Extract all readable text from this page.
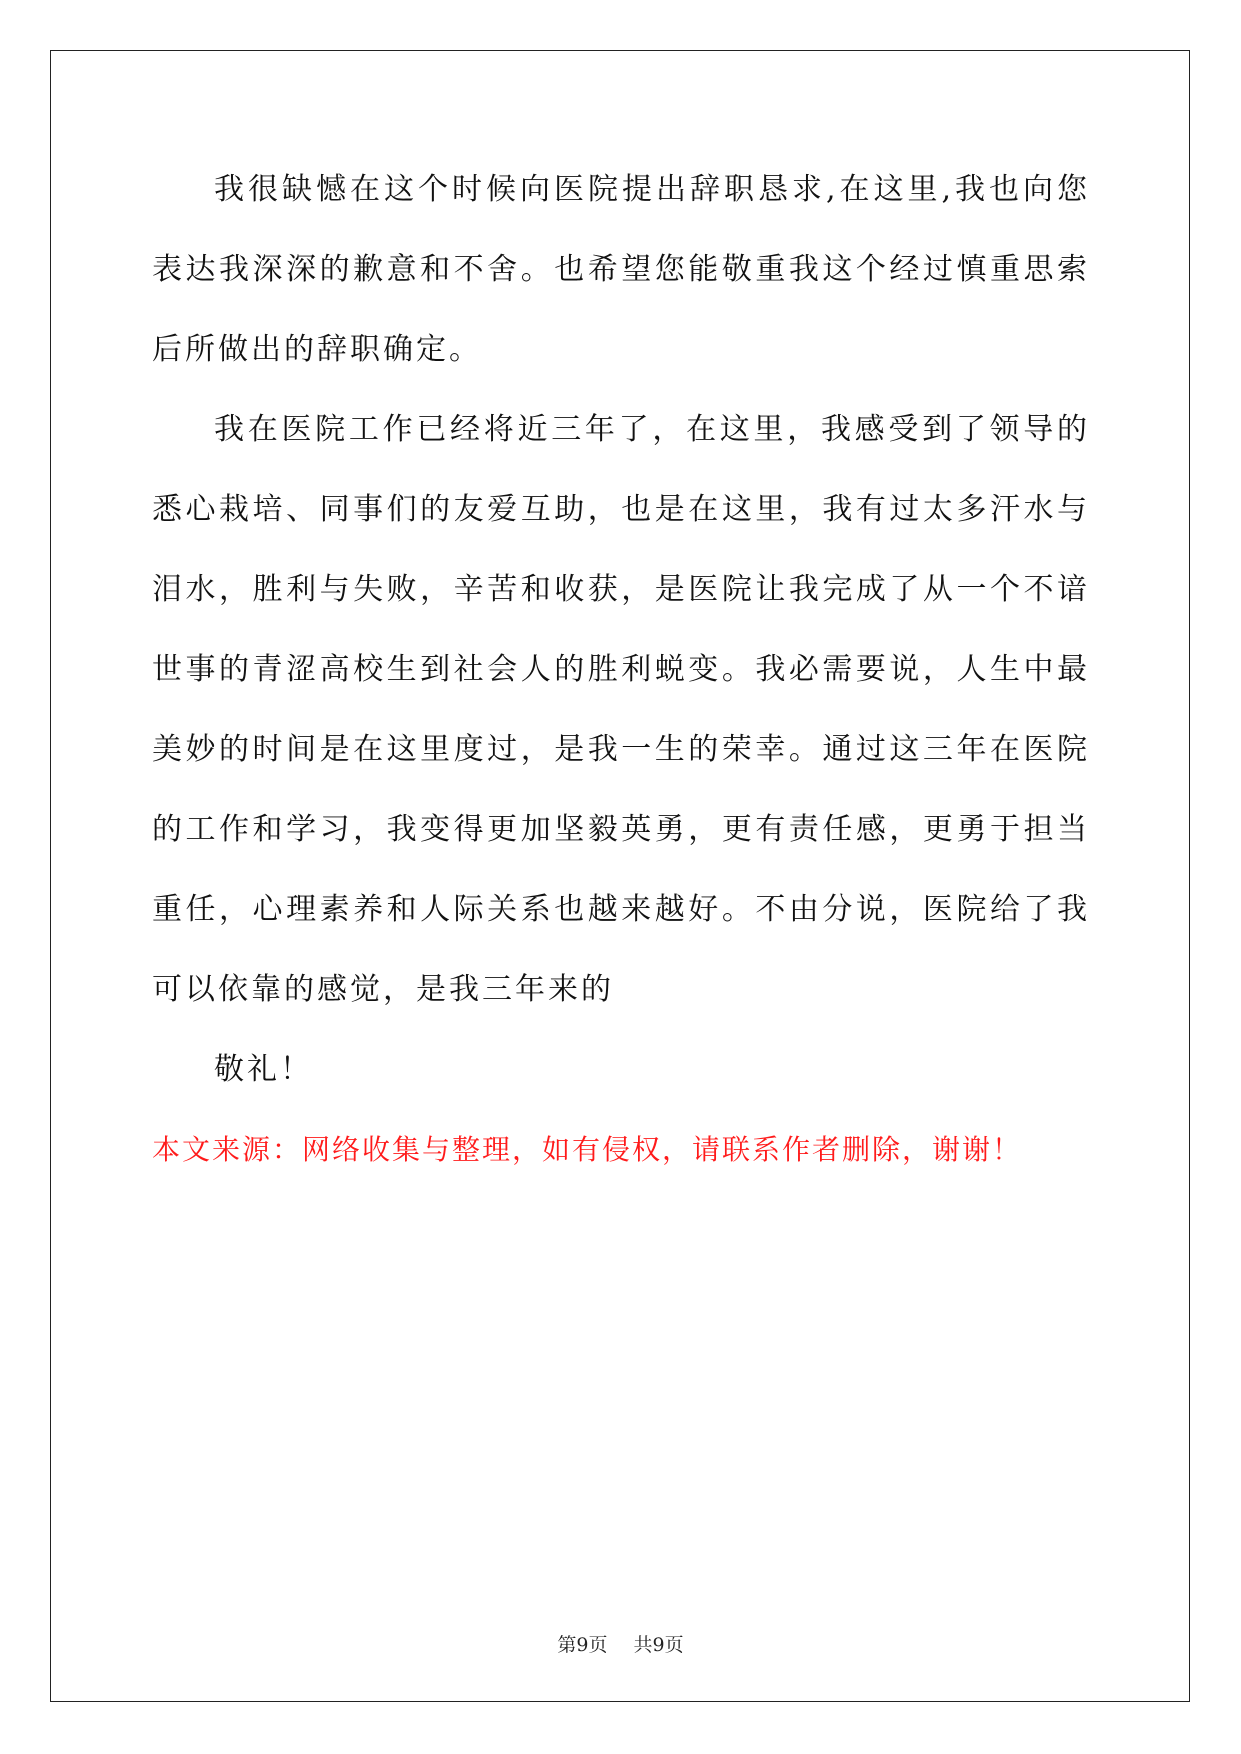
我很缺憾在这个时候向医院提出辞职恳求,在这里,我也向您表达我深深的歉意和不舍。也希望您能敬重我这个经过慎重思索后所做出的辞职确定。

我在医院工作已经将近三年了，在这里，我感受到了领导的悉心栽培、同事们的友爱互助，也是在这里，我有过太多汗水与泪水，胜利与失败，辛苦和收获，是医院让我完成了从一个不谙世事的青涩高校生到社会人的胜利蜕变。我必需要说，人生中最美妙的时间是在这里度过，是我一生的荣幸。通过这三年在医院的工作和学习，我变得更加坚毅英勇，更有责任感，更勇于担当重任，心理素养和人际关系也越来越好。不由分说，医院给了我可以依靠的感觉，是我三年来的

敬礼！

本文来源：网络收集与整理，如有侵权，请联系作者删除，谢谢！

第9页 共9页
